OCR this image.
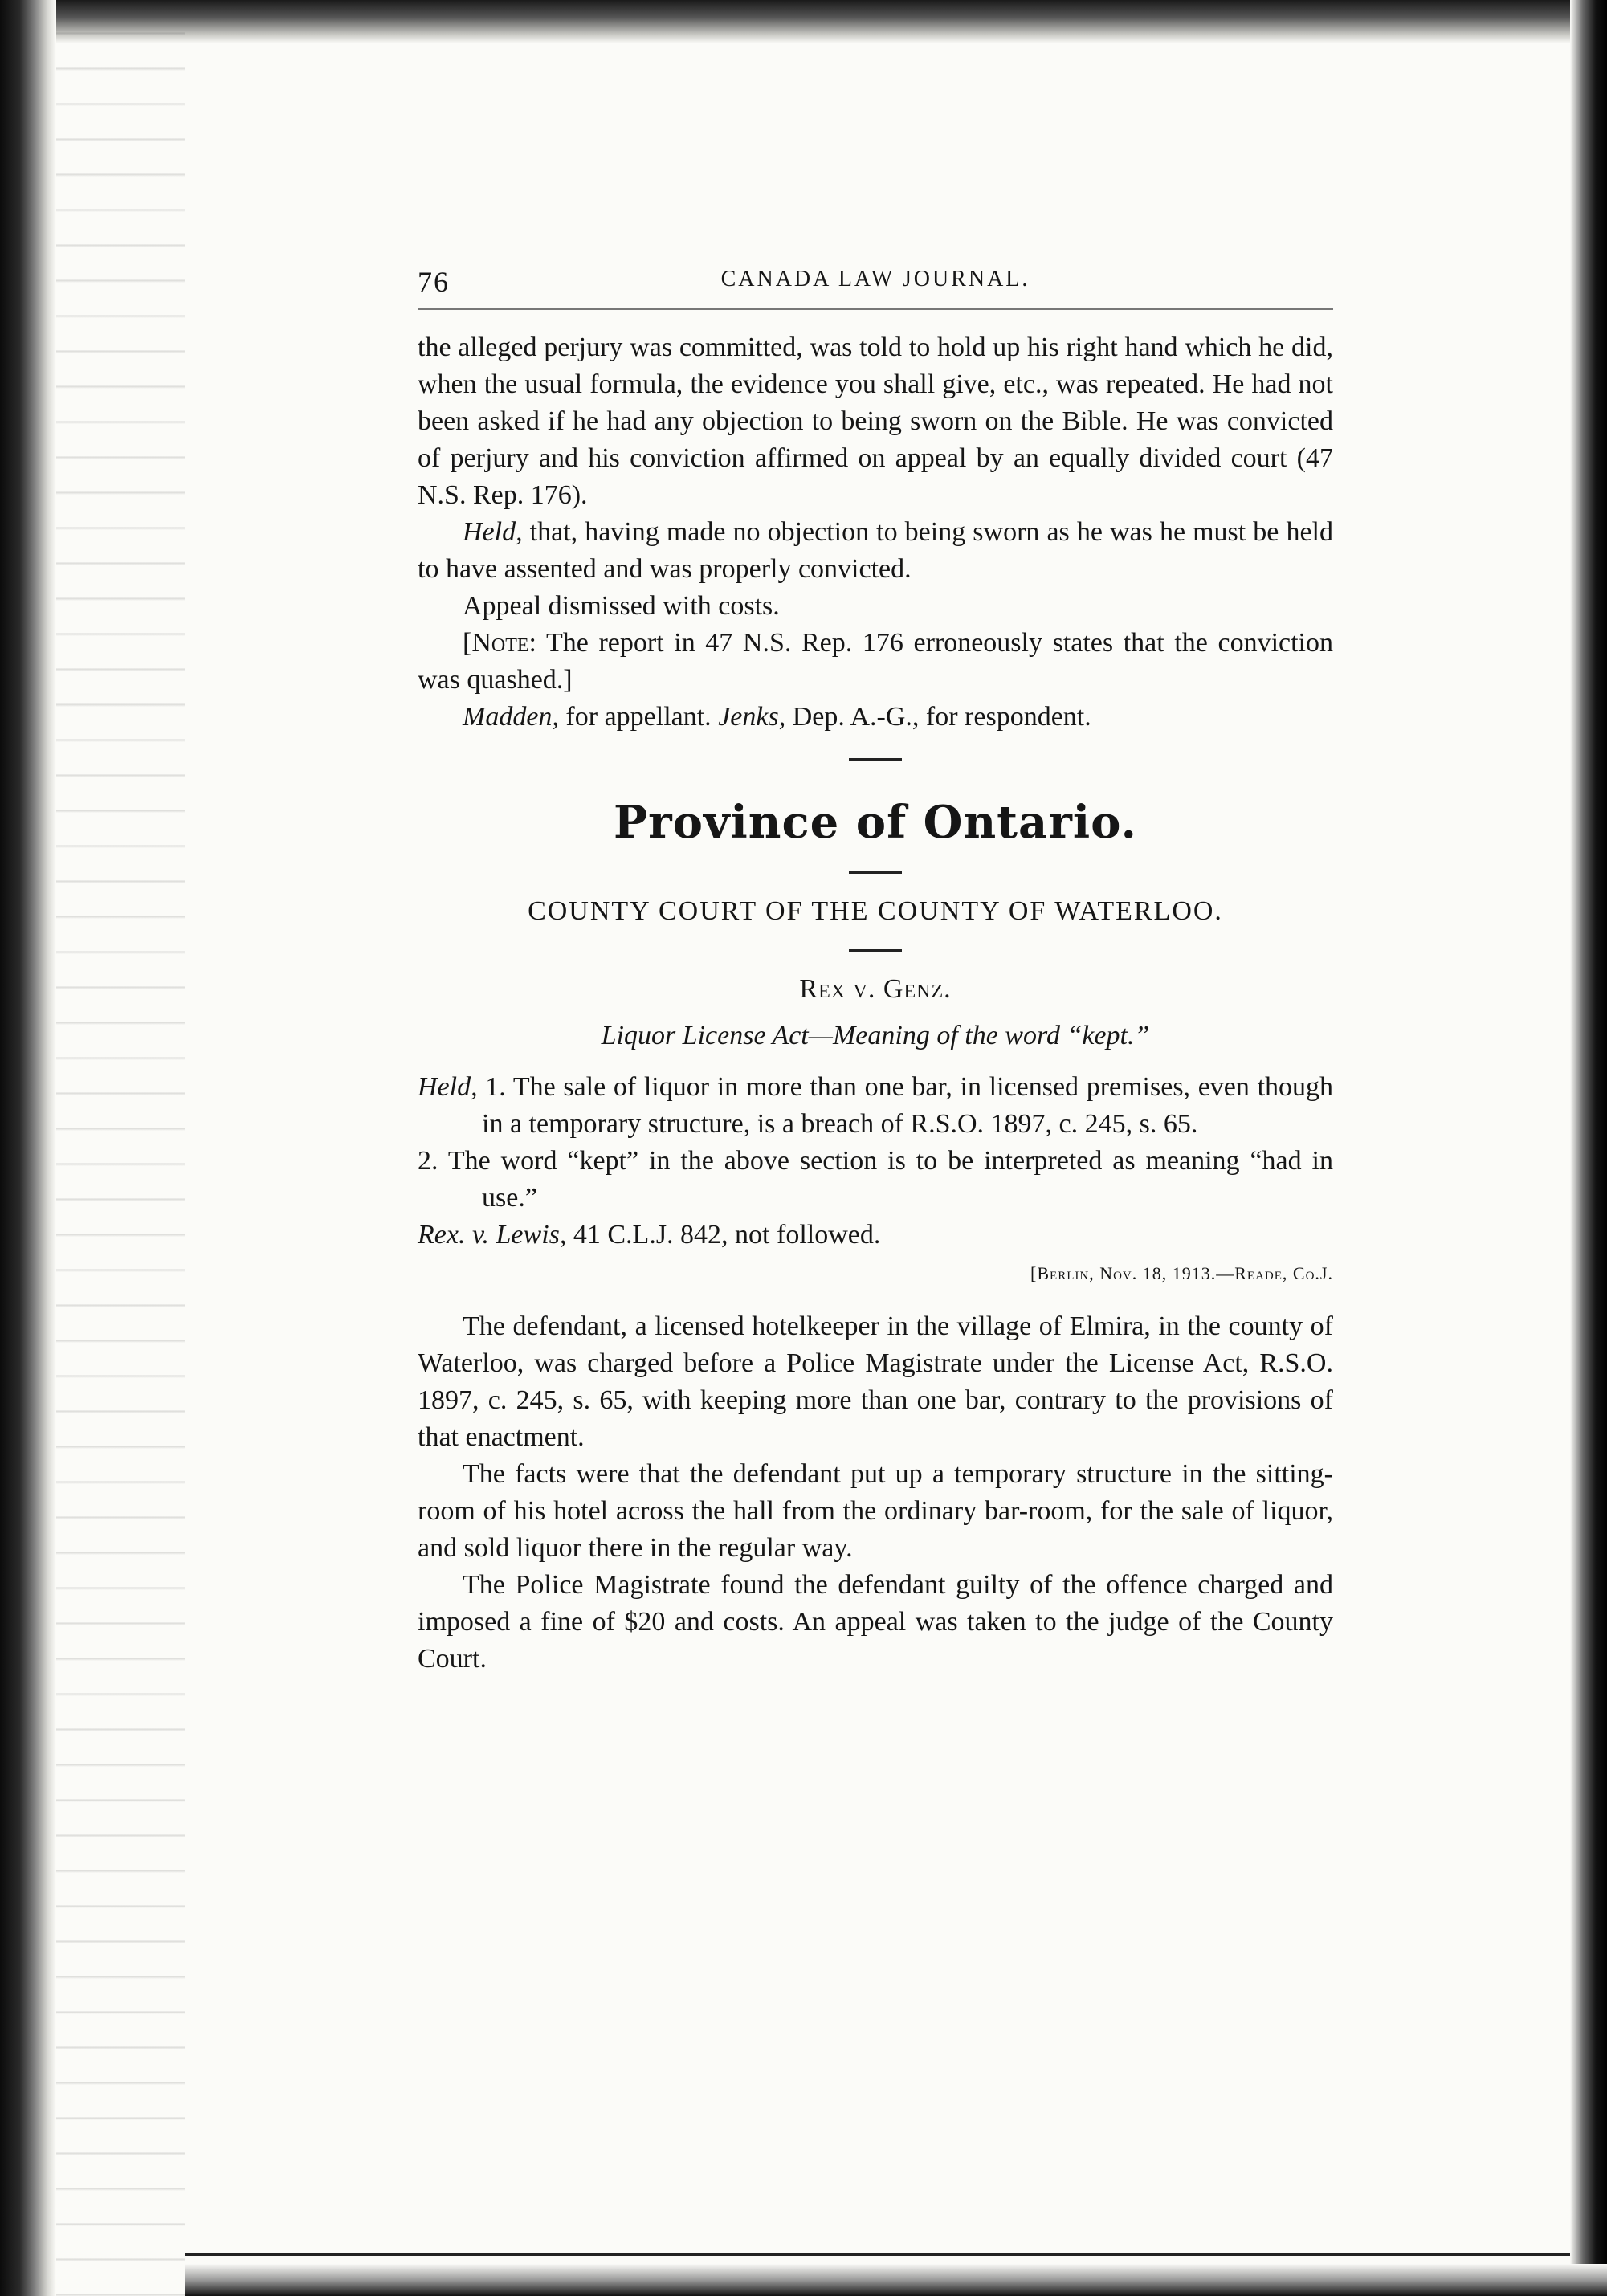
76	CANADA LAW JOURNAL.

the alleged perjury was committed, was told to hold up his right hand which he did, when the usual formula, the evidence you shall give, etc., was repeated. He had not been asked if he had any objection to being sworn on the Bible. He was convicted of perjury and his conviction affirmed on appeal by an equally divided court (47 N.S. Rep. 176).

Held, that, having made no objection to being sworn as he was he must be held to have assented and was properly convicted.

Appeal dismissed with costs.

[Note: The report in 47 N.S. Rep. 176 erroneously states that the conviction was quashed.]

Madden, for appellant. Jenks, Dep. A.-G., for respondent.

Province of Ontario.
COUNTY COURT OF THE COUNTY OF WATERLOO.
Rex v. Genz.
Liquor License Act—Meaning of the word “kept.”

Held, 1. The sale of liquor in more than one bar, in licensed premises, even though in a temporary structure, is a breach of R.S.O. 1897, c. 245, s. 65.

2. The word “kept” in the above section is to be interpreted as meaning “had in use.”

Rex. v. Lewis, 41 C.L.J. 842, not followed.

[Berlin, Nov. 18, 1913.—Reade, Co.J.

The defendant, a licensed hotelkeeper in the village of Elmira, in the county of Waterloo, was charged before a Police Magistrate under the License Act, R.S.O. 1897, c. 245, s. 65, with keeping more than one bar, contrary to the provisions of that enactment.

The facts were that the defendant put up a temporary structure in the sitting-room of his hotel across the hall from the ordinary bar-room, for the sale of liquor, and sold liquor there in the regular way.

The Police Magistrate found the defendant guilty of the offence charged and imposed a fine of $20 and costs. An appeal was taken to the judge of the County Court.
